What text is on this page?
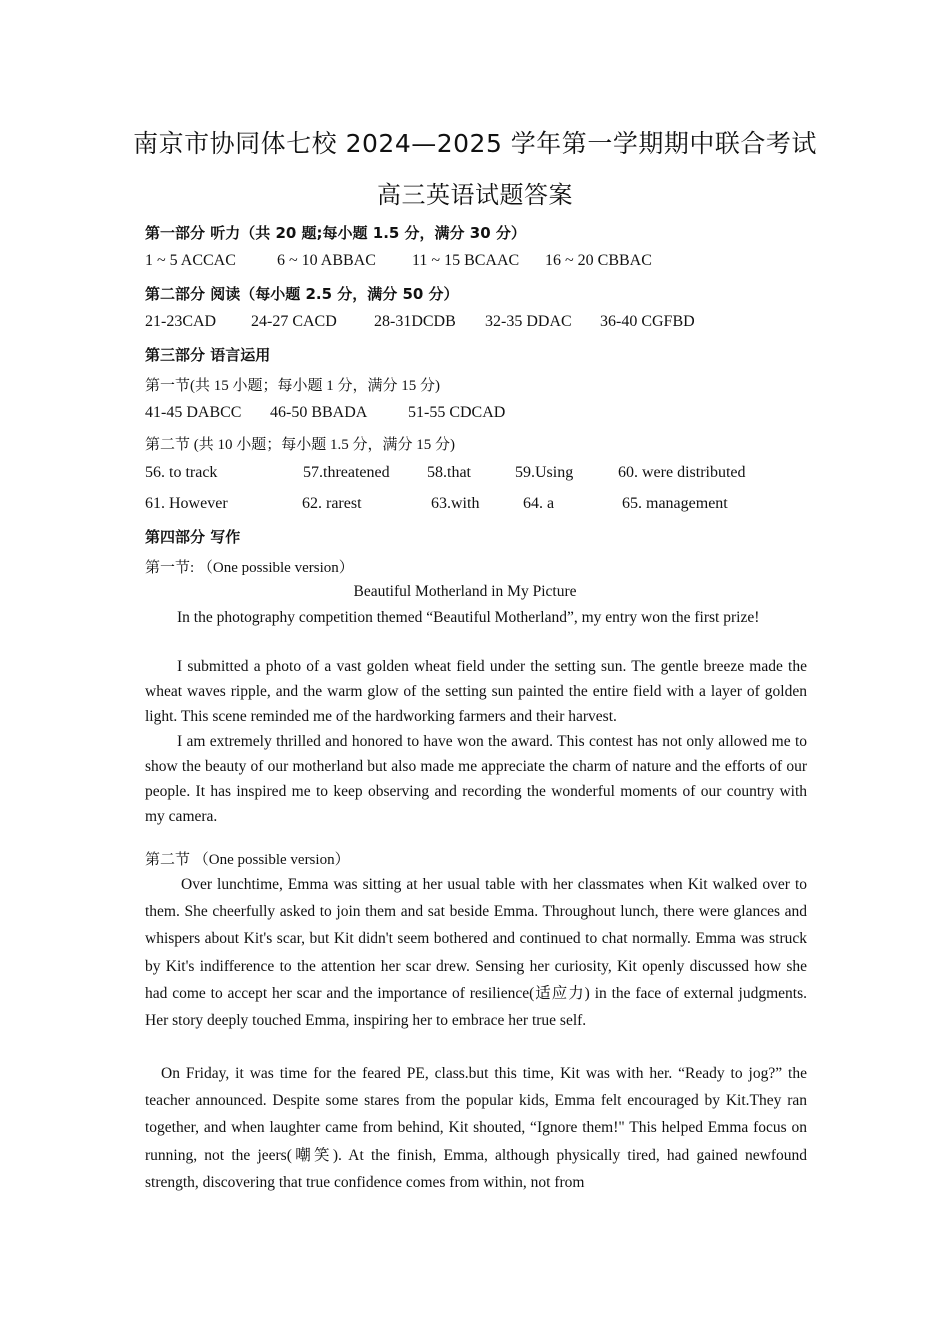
南京市协同体七校 2024—2025 学年第一学期期中联合考试
高三英语试题答案
第一部分 听力（共 20 题;每小题 1.5 分，满分 30 分）
1 ~ 5 ACCAC	6 ~ 10 ABBAC 11 ~ 15 BCAAC 16 ~ 20 CBBAC
第二部分 阅读（每小题 2.5 分，满分 50 分）
21-23CAD 24-27 CACD 28-31DCDB 32-35 DDAC 36-40 CGFBD
第三部分 语言运用
第一节(共 15 小题；每小题 1 分，满分 15 分)
41-45 DABCC 46-50 BBADA	51-55 CDCAD
第二节 (共 10 小题；每小题 1.5 分，满分 15 分)
56. to track	57.threatened 58.that	59.Using	60. were distributed
61. However	62. rarest	63.with	64. a	65. management
第四部分 写作
第一节: （One possible version）
Beautiful Motherland in My Picture

In the photography competition themed “Beautiful Motherland”, my entry won the first prize!

I submitted a photo of a vast golden wheat field under the setting sun. The gentle breeze made the wheat waves ripple, and the warm glow of the setting sun painted the entire field with a layer of golden light. This scene reminded me of the hardworking farmers and their harvest.

I am extremely thrilled and honored to have won the award. This contest has not only allowed me to show the beauty of our motherland but also made me appreciate the charm of nature and the efforts of our people. It has inspired me to keep observing and recording the wonderful moments of our country with my camera.

第二节 （One possible version）

Over lunchtime, Emma was sitting at her usual table with her classmates when Kit walked over to them. She cheerfully asked to join them and sat beside Emma. Throughout lunch, there were glances and whispers about Kit's scar, but Kit didn't seem bothered and continued to chat normally. Emma was struck by Kit's indifference to the attention her scar drew. Sensing her curiosity, Kit openly discussed how she had come to accept her scar and the importance of resilience(适应力) in the face of external judgments. Her story deeply touched Emma, inspiring her to embrace her true self.

On Friday, it was time for the feared PE, class.but this time, Kit was with her. “Ready to jog?” the teacher announced. Despite some stares from the popular kids, Emma felt encouraged by Kit.They ran together, and when laughter came from behind, Kit shouted, “Ignore them!" This helped Emma focus on running, not the jeers(嘲笑). At the finish, Emma, although physically tired, had gained newfound strength, discovering that true confidence comes from within, not from
